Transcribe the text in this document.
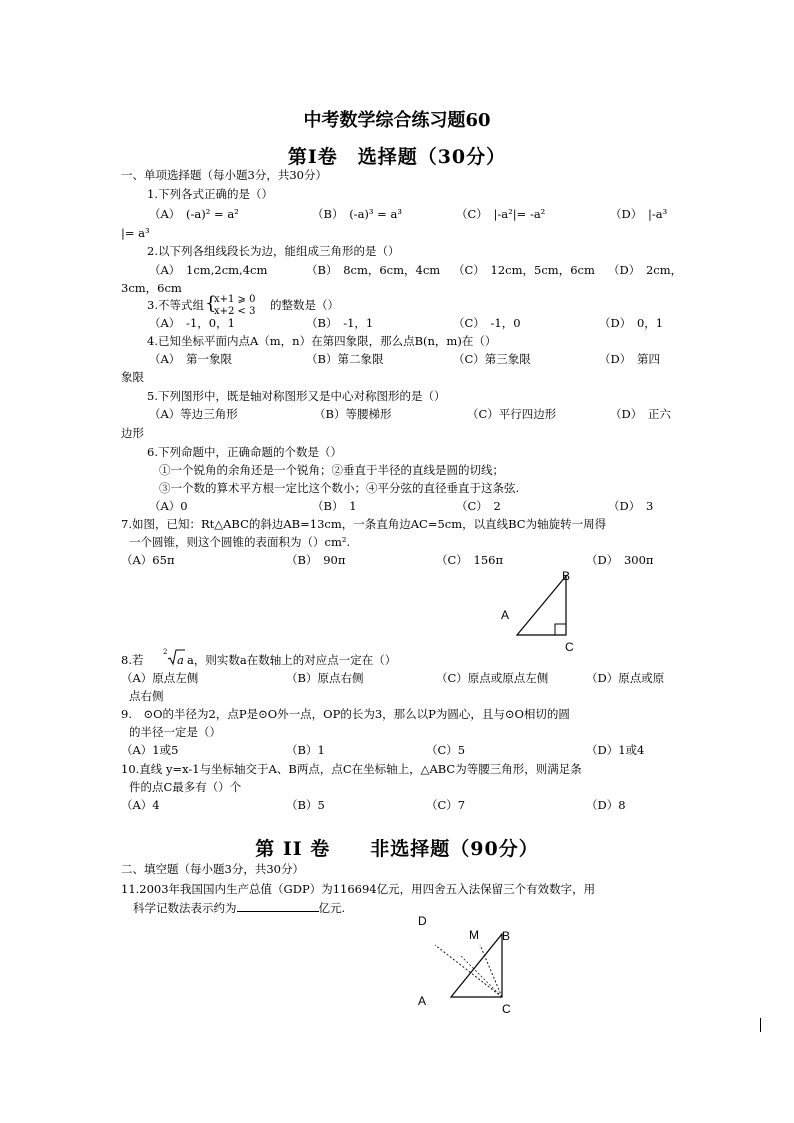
中考数学综合练习题60
第Ⅰ卷　选择题（30分）
一、单项选择题（每小题3分，共30分）
1.下列各式正确的是（）
（A）　(-a)² = a²	（B）　(-a)³ = a³	（C）　|-a²|= -a²	（D）　|-a³
|= a³
2.以下列各组线段长为边，能组成三角形的是（）
（A）　1cm,2cm,4cm	（B）　8cm，6cm，4cm （C）　12cm，5cm，6cm （D）　2cm，
3cm，6cm
3.不等式组 {
x+1 ⩾ 0
x+2 < 3 的整数是（）
（A）　-1，0，1	（B）　-1，1	（C）　-1，0	（D）　0，1
4.已知坐标平面内点A（m，n）在第四象限，那么点B(n，m)在（）
（A）　第一象限	（B）第二象限	（C）第三象限	（D）　第四
象限
5.下列图形中，既是轴对称图形又是中心对称图形的是（）
（A）等边三角形	（B）等腰梯形	（C）平行四边形	（D）　正六
边形
6.下列命题中，正确命题的个数是（）
①一个锐角的余角还是一个锐角；②垂直于半径的直线是圆的切线；
③一个数的算术平方根一定比这个数小；④平分弦的直径垂直于这条弦.
（A）0	（B）　1	（C）　2	（D）　3
7.如图，已知：Rt△ABC的斜边AB=13cm，一条直角边AC=5cm，以直线BC为轴旋转一周得
一个圆锥，则这个圆锥的表面积为（）cm².
（A）65π	（B）　90π	（C）　156π	（D）　300π
B
A
C
8.若
2
a a，则实数a在数轴上的对应点一定在（）
（A）原点左侧	（B）原点右侧	（C）原点或原点左侧	（D）原点或原
点右侧
9.　⊙O的半径为2，点P是⊙O外一点，OP的长为3，那么以P为圆心，且与⊙O相切的圆
的半径一定是（）
（A）1或5	（B）1	（C）5	（D）1或4
10.直线 y=x-1与坐标轴交于A、B两点，点C在坐标轴上，△ABC为等腰三角形，则满足条
件的点C最多有（）个
（A）4	（B）5	（C）7	（D）8
第 II 卷　　非选择题（90分）
二、填空题（每小题3分，共30分）
11.2003年我国国内生产总值（GDP）为116694亿元，用四舍五入法保留三个有效数字，用
科学记数法表示约为	亿元.
D
M B
A
C
